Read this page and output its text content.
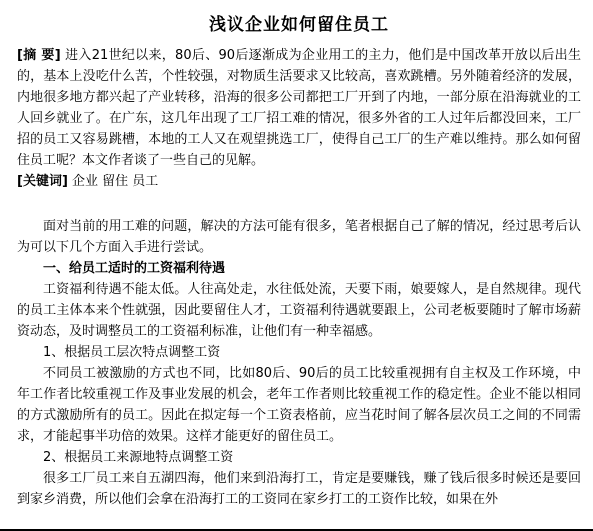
浅议企业如何留住员工

[摘 要] 进入21世纪以来，80后、90后逐渐成为企业用工的主力，他们是中国改革开放以后出生的，基本上没吃什么苦，个性较强，对物质生活要求又比较高，喜欢跳槽。另外随着经济的发展，内地很多地方都兴起了产业转移，沿海的很多公司都把工厂开到了内地，一部分原在沿海就业的工人回乡就业了。在广东，这几年出现了工厂招工难的情况，很多外省的工人过年后都没回来，工厂招的员工又容易跳槽，本地的工人又在观望挑选工厂，使得自己工厂的生产难以维持。那么如何留住员工呢？本文作者谈了一些自己的见解。

[关键词] 企业 留住 员工

面对当前的用工难的问题，解决的方法可能有很多，笔者根据自己了解的情况，经过思考后认为可以下几个方面入手进行尝试。

一、给员工适时的工资福利待遇

工资福利待遇不能太低。人往高处走，水往低处流，天要下雨，娘要嫁人，是自然规律。现代的员工主体本来个性就强，因此要留住人才，工资福利待遇就要跟上，公司老板要随时了解市场薪资动态，及时调整员工的工资福利标准，让他们有一种幸福感。

1、根据员工层次特点调整工资

不同员工被激励的方式也不同，比如80后、90后的员工比较重视拥有自主权及工作环境，中年工作者比较重视工作及事业发展的机会，老年工作者则比较重视工作的稳定性。企业不能以相同的方式激励所有的员工。因此在拟定每一个工资表格前，应当花时间了解各层次员工之间的不同需求，才能起事半功倍的效果。这样才能更好的留住员工。

2、根据员工来源地特点调整工资

很多工厂员工来自五湖四海，他们来到沿海打工，肯定是要赚钱，赚了钱后很多时候还是要回到家乡消费，所以他们会拿在沿海打工的工资同在家乡打工的工资作比较，如果在外
